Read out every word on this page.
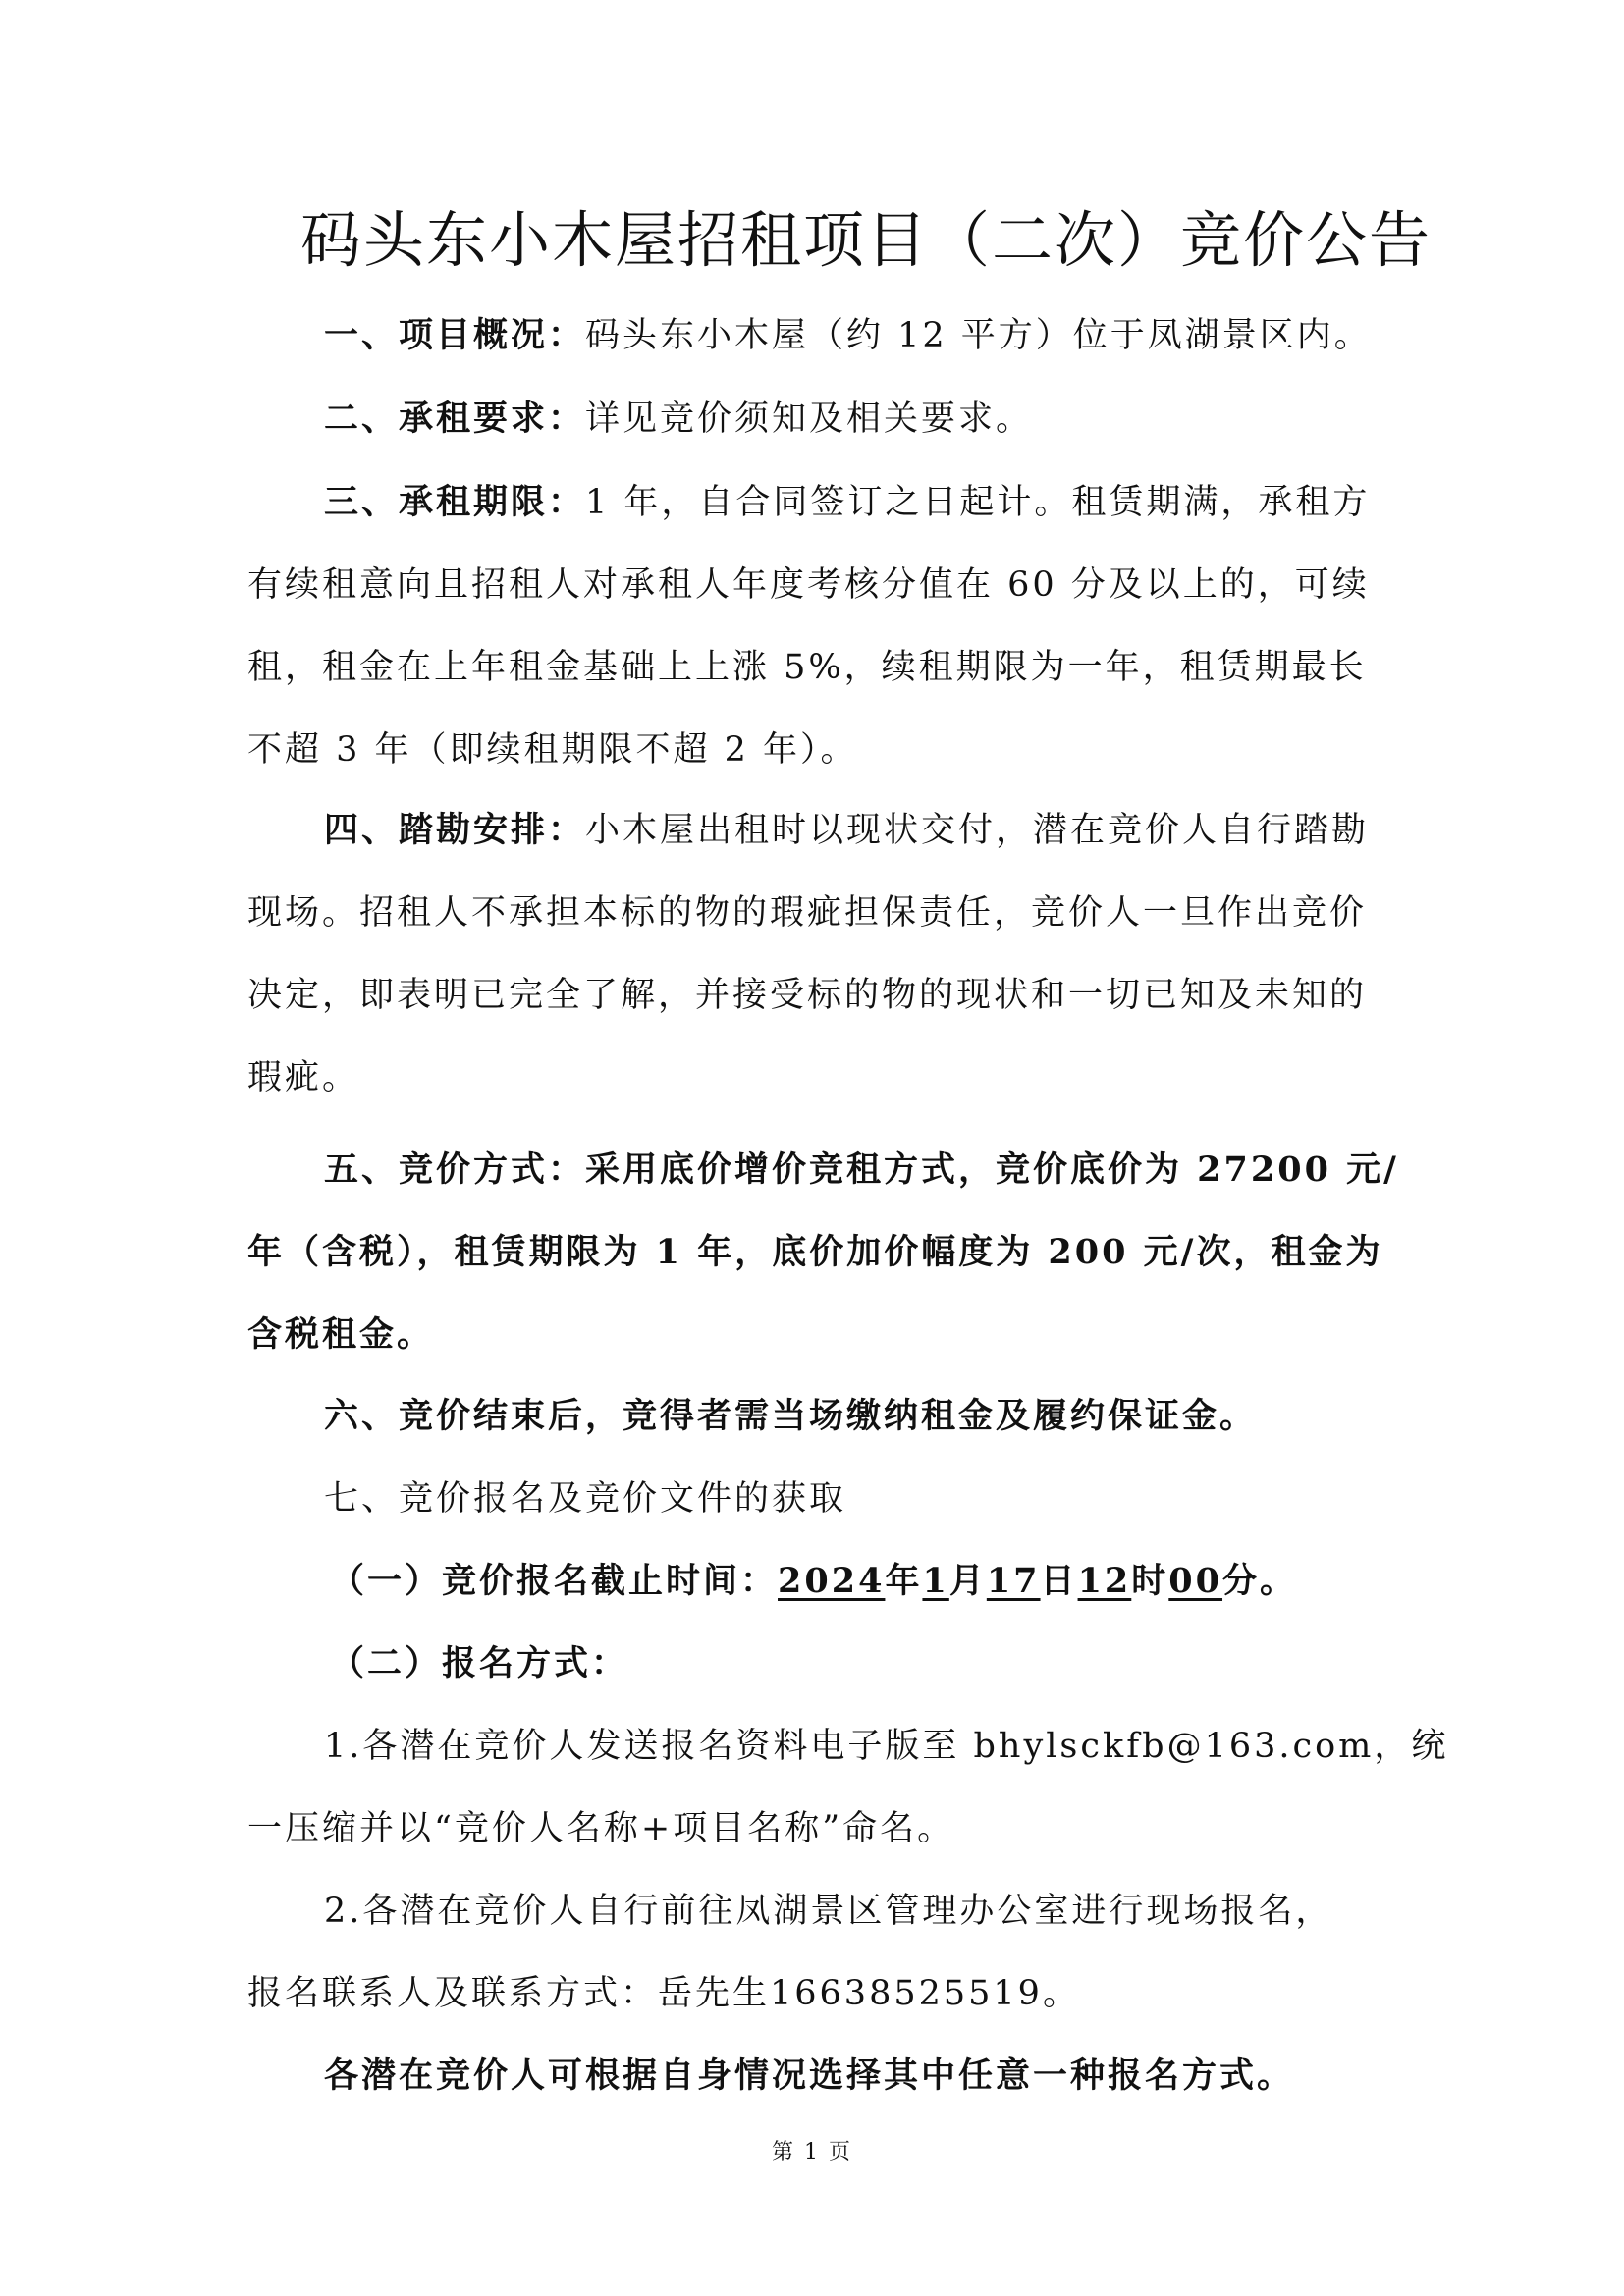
码头东小木屋招租项目（二次）竞价公告
一、项目概况：码头东小木屋（约 12 平方）位于凤湖景区内。
二、承租要求：详见竞价须知及相关要求。
三、承租期限：1 年，自合同签订之日起计。租赁期满，承租方
有续租意向且招租人对承租人年度考核分值在 60 分及以上的，可续
租，租金在上年租金基础上上涨 5%，续租期限为一年，租赁期最长
不超 3 年（即续租期限不超 2 年）。
四、踏勘安排：小木屋出租时以现状交付，潜在竞价人自行踏勘
现场。招租人不承担本标的物的瑕疵担保责任，竞价人一旦作出竞价
决定，即表明已完全了解，并接受标的物的现状和一切已知及未知的
瑕疵。
五、竞价方式：采用底价增价竞租方式，竞价底价为 27200 元/
年（含税），租赁期限为 1 年，底价加价幅度为 200 元/次，租金为
含税租金。
六、竞价结束后，竞得者需当场缴纳租金及履约保证金。
七、竞价报名及竞价文件的获取
（一）竞价报名截止时间：2024年1月17日12时00分。
（二）报名方式：
1.各潜在竞价人发送报名资料电子版至 bhylsckfb@163.com，统
一压缩并以“竞价人名称+项目名称”命名。
2.各潜在竞价人自行前往凤湖景区管理办公室进行现场报名，
报名联系人及联系方式：岳先生16638525519。
各潜在竞价人可根据自身情况选择其中任意一种报名方式。
第 1 页
